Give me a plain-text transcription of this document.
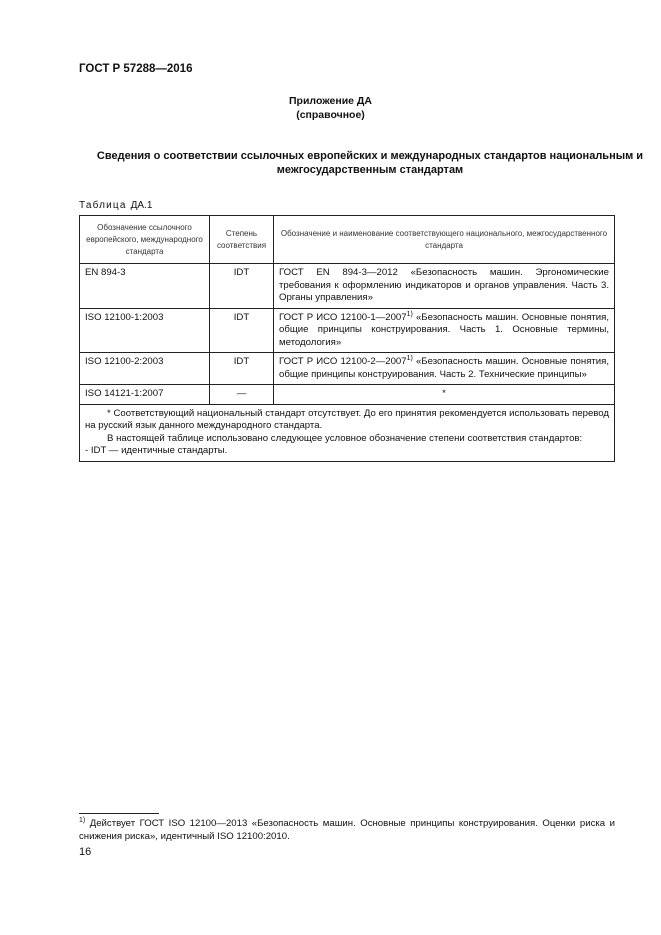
ГОСТ Р 57288—2016
Приложение ДА
(справочное)
Сведения о соответствии ссылочных европейских и международных стандартов национальным и межгосударственным стандартам
Таблица ДА.1
Обозначение ссылочного европейского, международного стандарта	Степень соответствия	Обозначение и наименование соответствующего национального, межгосударственного стандарта
EN 894-3	IDT	ГОСТ EN 894-3—2012 «Безопасность машин. Эргономические требования к оформлению индикаторов и органов управления. Часть 3. Органы управления»
ISO 12100-1:2003	IDT	ГОСТ Р ИСО 12100-1—2007$^{1)}$ «Безопасность машин. Основные понятия, общие принципы конструирования. Часть 1. Основные термины, методология»
ISO 12100-2:2003	IDT	ГОСТ Р ИСО 12100-2—2007$^{1)}$ «Безопасность машин. Основные понятия, общие принципы конструирования. Часть 2. Технические принципы»
ISO 14121-1:2007	—	*

* Соответствующий национальный стандарт отсутствует. До его принятия рекомендуется использовать перевод на русский язык данного международного стандарта.
В настоящей таблице использовано следующее условное обозначение степени соответствия стандартов:
- IDT — идентичные стандарты.		
$^{1)}$ Действует ГОСТ ISO 12100—2013 «Безопасность машин. Основные принципы конструирования. Оценки риска и снижения риска», идентичный ISO 12100:2010.
16
